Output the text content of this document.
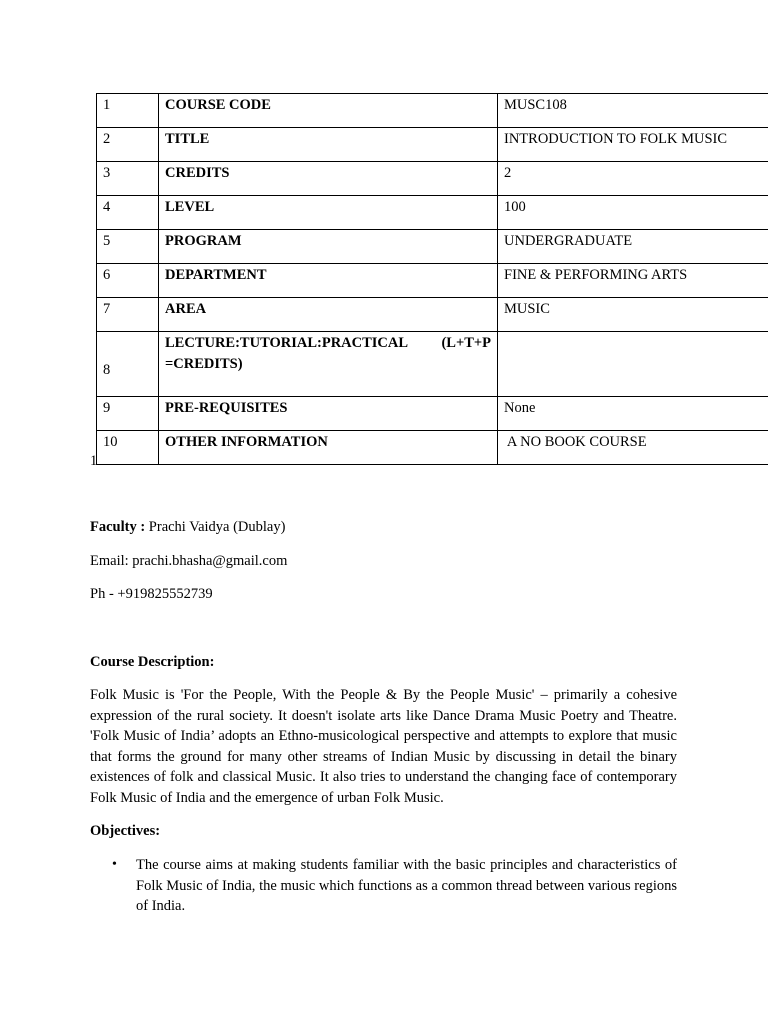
1	COURSE CODE	MUSC108
2	TITLE	INTRODUCTION TO FOLK MUSIC
3	CREDITS	2
4	LEVEL	100
5	PROGRAM	UNDERGRADUATE
6	DEPARTMENT	FINE & PERFORMING ARTS
7	AREA	MUSIC
8	LECTURE:TUTORIAL:PRACTICAL (L+T+P
=CREDITS)	

9	PRE-REQUISITES	None
10	OTHER INFORMATION	A NO BOOK COURSE
1
Faculty : Prachi Vaidya (Dublay)
Email: prachi.bhasha@gmail.com
Ph - +919825552739
Course Description:
Folk Music is 'For the People, With the People & By the People Music' – primarily a cohesive expression of the rural society. It doesn't isolate arts like Dance Drama Music Poetry and Theatre. 'Folk Music of India’ adopts an Ethno-musicological perspective and attempts to explore that music that forms the ground for many other streams of Indian Music by discussing in detail the binary existences of folk and classical Music. It also tries to understand the changing face of contemporary Folk Music of India and the emergence of urban Folk Music.
Objectives:
• The course aims at making students familiar with the basic principles and characteristics of Folk Music of India, the music which functions as a common thread between various regions of India.
